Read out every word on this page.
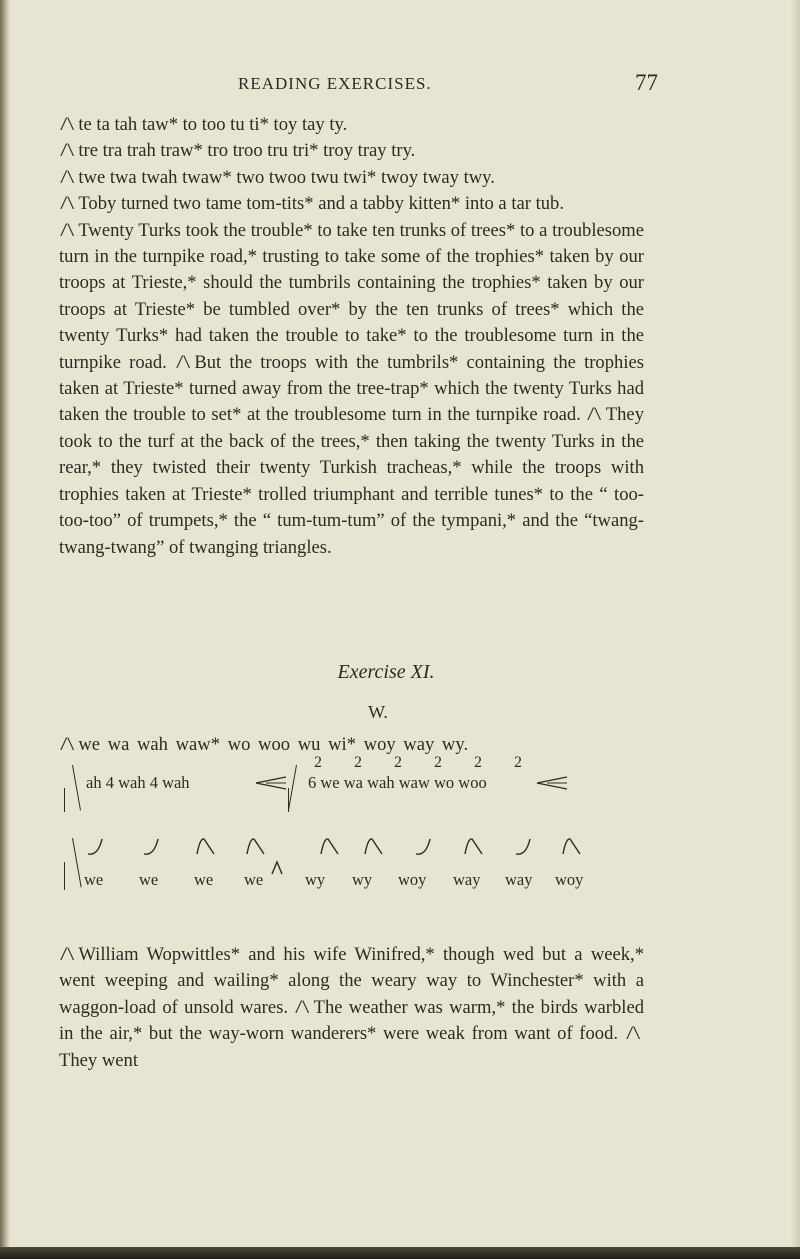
READING EXERCISES.	77

/\ te ta tah taw* to too tu ti* toy tay ty.

/\ tre tra trah traw* tro troo tru tri* troy tray try.

/\ twe twa twah twaw* two twoo twu twi* twoy tway twy.

/\ Toby turned two tame tom-tits* and a tabby kitten* into a tar tub.

/\ Twenty Turks took the trouble* to take ten trunks of trees* to a troublesome turn in the turnpike road,* trusting to take some of the trophies* taken by our troops at Trieste,* should the tumbrils containing the trophies* taken by our troops at Trieste* be tumbled over* by the ten trunks of trees* which the twenty Turks* had taken the trouble to take* to the troublesome turn in the turnpike road. /\ But the troops with the tumbrils* containing the trophies taken at Trieste* turned away from the tree-trap* which the twenty Turks had taken the trouble to set* at the troublesome turn in the turnpike road. /\ They took to the turf at the back of the trees,* then taking the twenty Turks in the rear,* they twisted their twenty Turkish tracheas,* while the troops with trophies taken at Trieste* trolled triumphant and terrible tunes* to the “ too-too-too” of trumpets,* the “ tum-tum-tum” of the tympani,* and the “twang-twang-twang” of twanging triangles.

Exercise XI.
W.
/\ we wa wah waw* wo woo wu wi* woy way wy.
ah 4 wah 4 wah
2 2 2 2 2 2
6 we wa wah waw wo woo
we we we we	wy wy woy way way woy

/\ William Wopwittles* and his wife Winifred,* though wed but a week,* went weeping and wailing* along the weary way to Winchester* with a waggon-load of unsold wares. /\ The weather was warm,* the birds warbled in the air,* but the way-worn wanderers* were weak from want of food. /\They went
